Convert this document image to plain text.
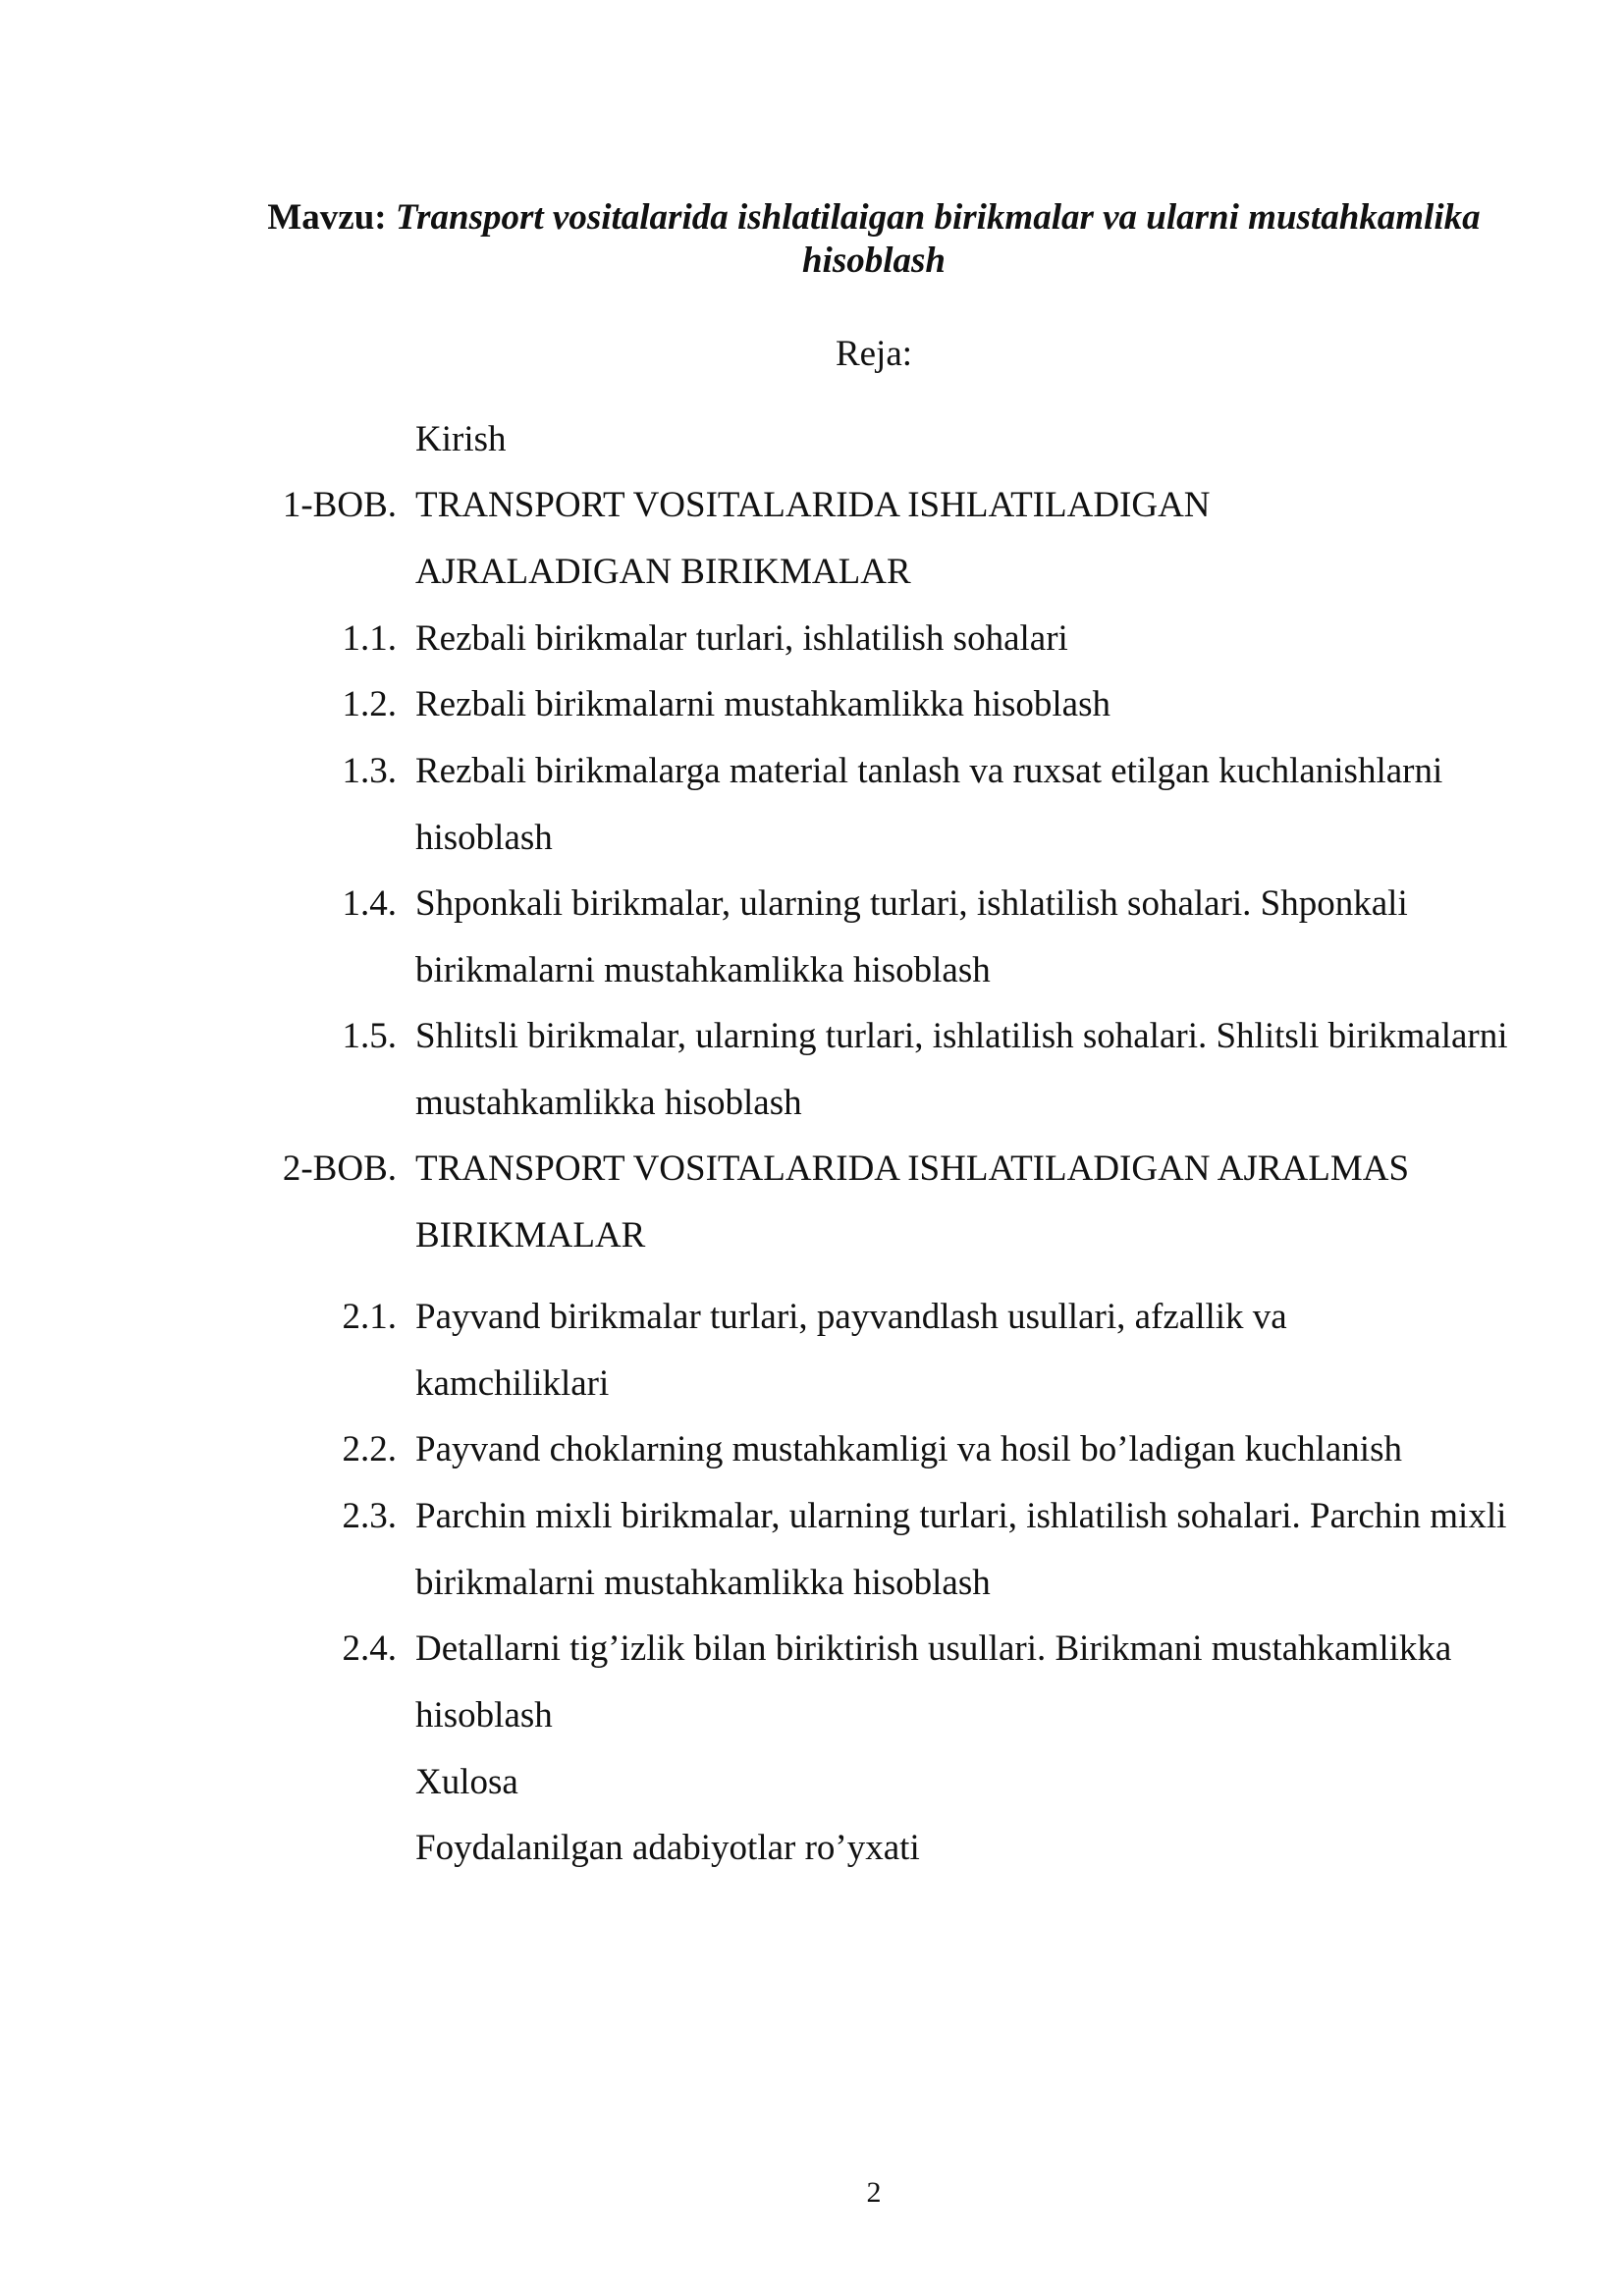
Mavzu: Transport vositalarida ishlatilaigan birikmalar va ularni mustahkamlika hisoblash
Reja:
Kirish
1-BOB. TRANSPORT VOSITALARIDA ISHLATILADIGAN AJRALADIGAN BIRIKMALAR
1.1. Rezbali birikmalar turlari, ishlatilish sohalari
1.2. Rezbali birikmalarni mustahkamlikka hisoblash
1.3. Rezbali birikmalarga material tanlash va ruxsat etilgan kuchlanishlarni hisoblash
1.4. Shponkali birikmalar, ularning turlari, ishlatilish sohalari. Shponkali birikmalarni mustahkamlikka hisoblash
1.5. Shlitsli birikmalar, ularning turlari, ishlatilish sohalari. Shlitsli birikmalarni mustahkamlikka hisoblash
2-BOB. TRANSPORT VOSITALARIDA ISHLATILADIGAN AJRALMAS BIRIKMALAR
2.1. Payvand birikmalar turlari, payvandlash usullari, afzallik va kamchiliklari
2.2. Payvand choklarning mustahkamligi va hosil bo’ladigan kuchlanish
2.3. Parchin mixli birikmalar, ularning turlari, ishlatilish sohalari. Parchin mixli birikmalarni mustahkamlikka hisoblash
2.4. Detallarni tig’izlik bilan biriktirish usullari. Birikmani mustahkamlikka hisoblash
Xulosa
Foydalanilgan adabiyotlar ro’yxati
2
